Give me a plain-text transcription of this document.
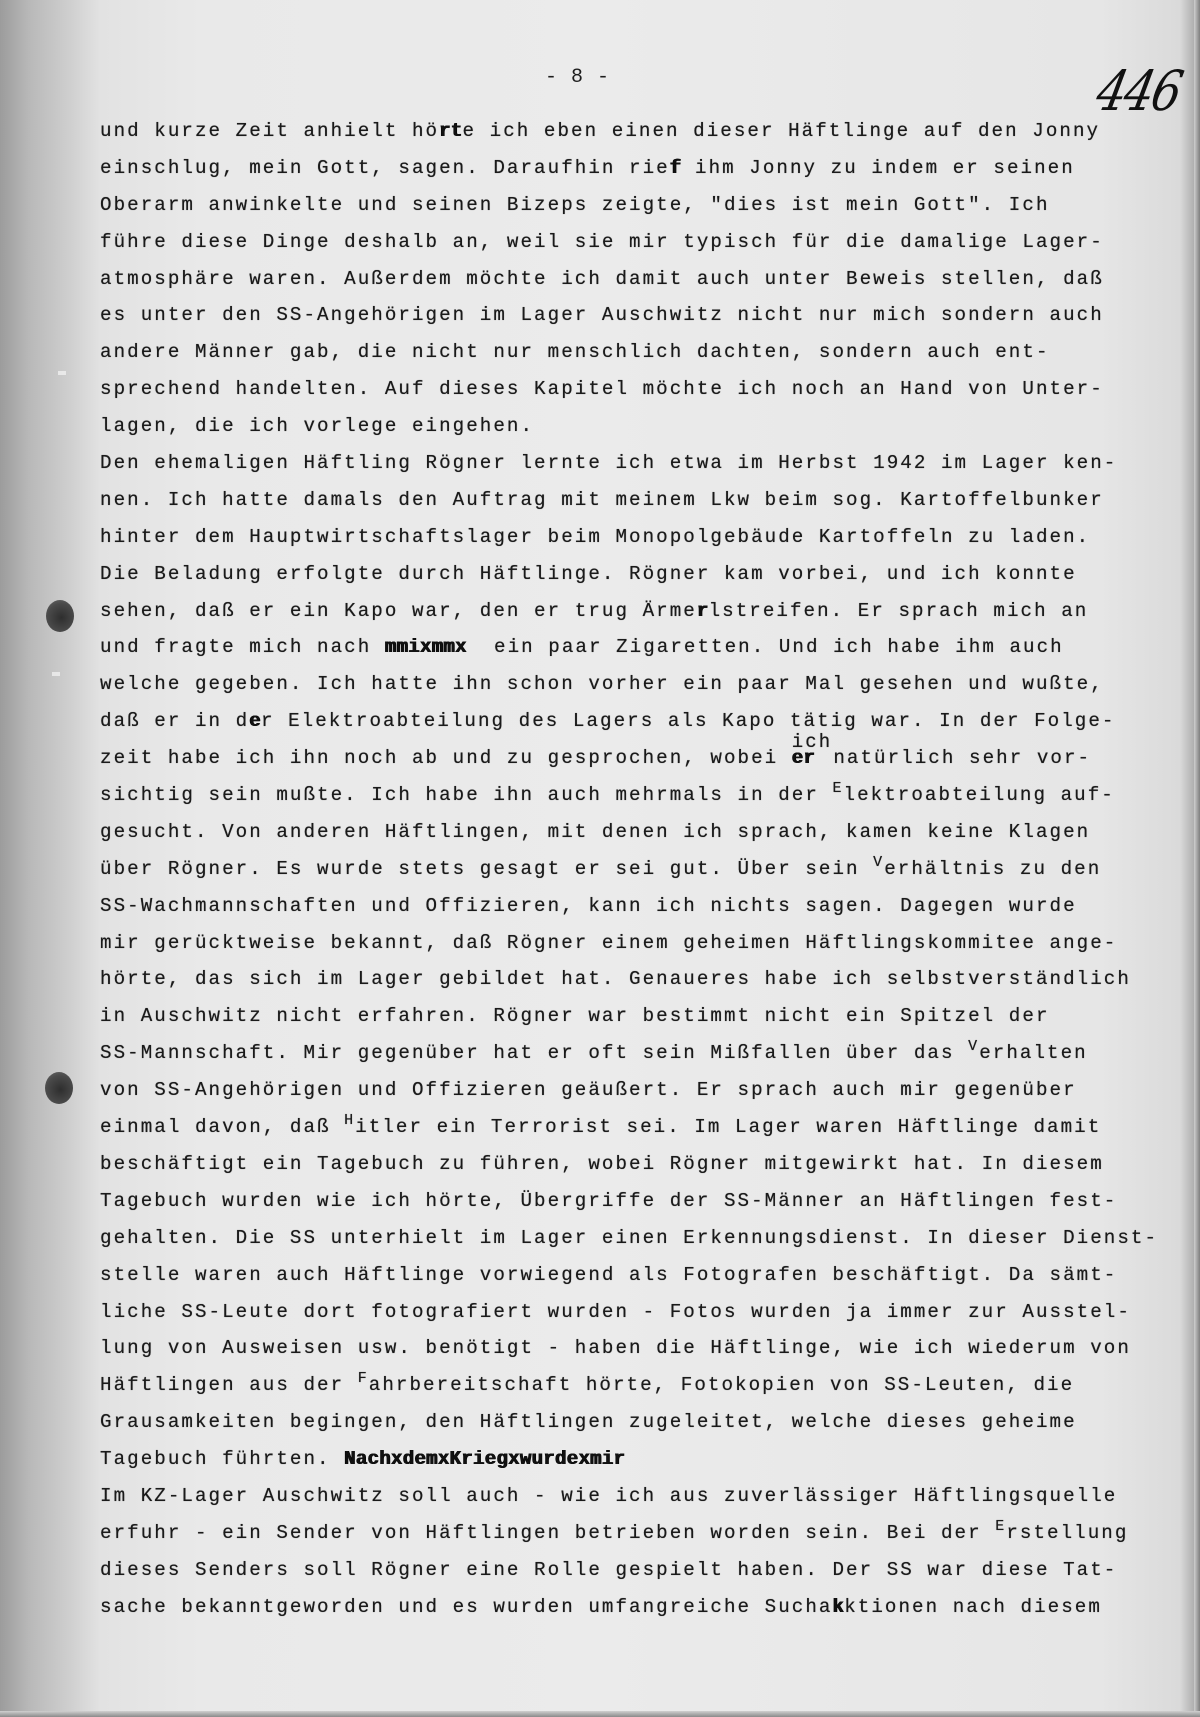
- 8 -	446
und kurze Zeit anhielt hörte ich eben einen dieser Häftlinge auf den Jonny
einschlug, mein Gott, sagen. Daraufhin rief ihm Jonny zu indem er seinen
Oberarm anwinkelte und seinen Bizeps zeigte, "dies ist mein Gott". Ich
führe diese Dinge deshalb an, weil sie mir typisch für die damalige Lager-
atmosphäre waren. Außerdem möchte ich damit auch unter Beweis stellen, daß
es unter den SS-Angehörigen im Lager Auschwitz nicht nur mich sondern auch
andere Männer gab, die nicht nur menschlich dachten, sondern auch ent-
sprechend handelten. Auf dieses Kapitel möchte ich noch an Hand von Unter-
lagen, die ich vorlege eingehen.
Den ehemaligen Häftling Rögner lernte ich etwa im Herbst 1942 im Lager ken-
nen. Ich hatte damals den Auftrag mit meinem Lkw beim sog. Kartoffelbunker
hinter dem Hauptwirtschaftslager beim Monopolgebäude Kartoffeln zu laden.
Die Beladung erfolgte durch Häftlinge. Rögner kam vorbei, und ich konnte
sehen, daß er ein Kapo war, den er trug Ärmerlstreifen. Er sprach mich an
und fragte mich nach mmixmmx  ein paar Zigaretten. Und ich habe ihm auch
welche gegeben. Ich hatte ihn schon vorher ein paar Mal gesehen und wußte,
daß er in der Elektroabteilung des Lagers als Kapo tätig war. In der Folge-
zeit habe ich ihn noch ab und zu gesprochen, wobei
ich
er natürlich sehr vor-
sichtig sein mußte. Ich habe ihn auch mehrmals in der $^E$lektroabteilung auf-
gesucht. Von anderen Häftlingen, mit denen ich sprach, kamen keine Klagen
über Rögner. Es wurde stets gesagt er sei gut. Über sein $^V$erhältnis zu den
SS-Wachmannschaften und Offizieren, kann ich nichts sagen. Dagegen wurde
mir gerücktweise bekannt, daß Rögner einem geheimen Häftlingskommitee ange-
hörte, das sich im Lager gebildet hat. Genaueres habe ich selbstverständlich
in Auschwitz nicht erfahren. Rögner war bestimmt nicht ein Spitzel der
SS-Mannschaft. Mir gegenüber hat er oft sein Mißfallen über das $^V$erhalten
von SS-Angehörigen und Offizieren geäußert. Er sprach auch mir gegenüber
einmal davon, daß $^H$itler ein Terrorist sei. Im Lager waren Häftlinge damit
beschäftigt ein Tagebuch zu führen, wobei Rögner mitgewirkt hat. In diesem
Tagebuch wurden wie ich hörte, Übergriffe der SS-Männer an Häftlingen fest-
gehalten. Die SS unterhielt im Lager einen Erkennungsdienst. In dieser Dienst-
stelle waren auch Häftlinge vorwiegend als Fotografen beschäftigt. Da sämt-
liche SS-Leute dort fotografiert wurden - Fotos wurden ja immer zur Ausstel-
lung von Ausweisen usw. benötigt - haben die Häftlinge, wie ich wiederum von
Häftlingen aus der $^F$ahrbereitschaft hörte, Fotokopien von SS-Leuten, die
Grausamkeiten begingen, den Häftlingen zugeleitet, welche dieses geheime
Tagebuch führten. NachxdemxKriegxwurdexmir
Im KZ-Lager Auschwitz soll auch - wie ich aus zuverlässiger Häftlingsquelle
erfuhr - ein Sender von Häftlingen betrieben worden sein. Bei der $^E$rstellung
dieses Senders soll Rögner eine Rolle gespielt haben. Der SS war diese Tat-
sache bekanntgeworden und es wurden umfangreiche Suchakktionen nach diesem
